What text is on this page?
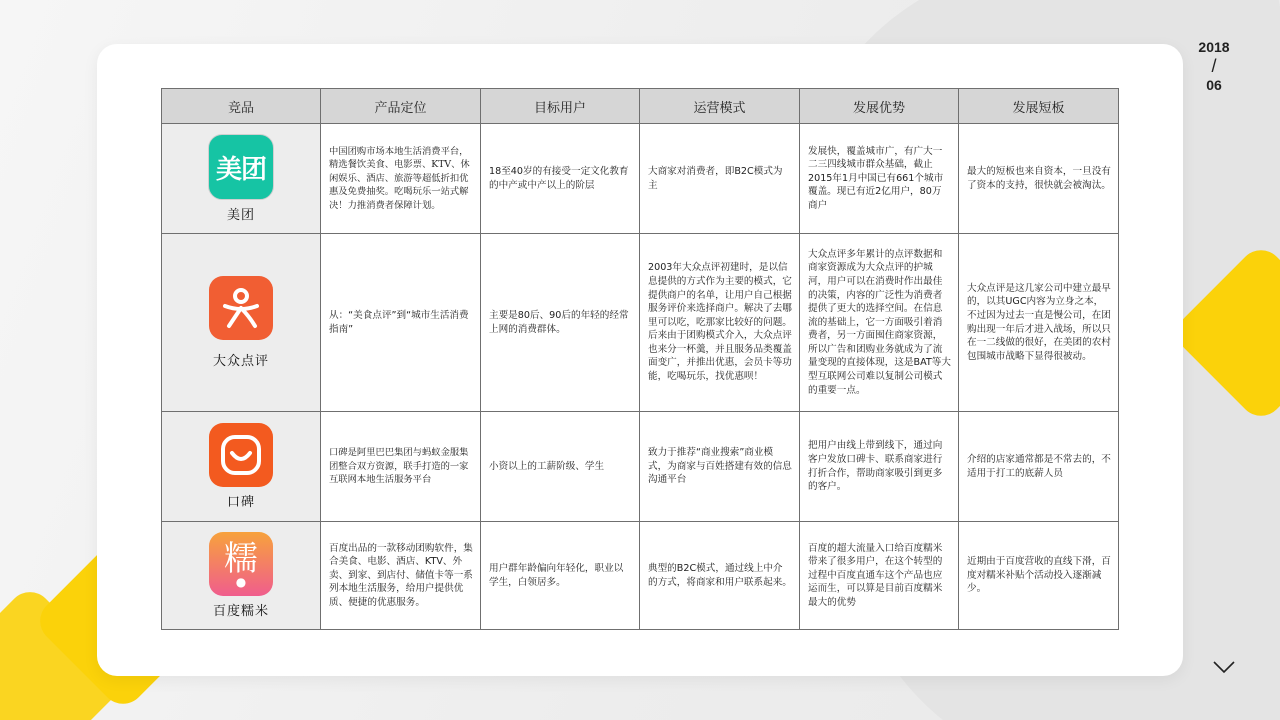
2018
/
06
竞品	产品定位	目标用户	运营模式	发展优势	发展短板

美团
美团	中国团购市场本地生活消费平台，精选餐饮美食、电影票、KTV、休闲娱乐、酒店、旅游等超低折扣优惠及免费抽奖。吃喝玩乐一站式解决！力推消费者保障计划。	18至40岁的有接受一定文化教育的中产或中产以上的阶层	大商家对消费者，即B2C模式为主	发展快，覆盖城市广，有广大一二三四线城市群众基础，截止2015年1月中国已有661个城市覆盖。现已有近2亿用户，80万商户	最大的短板也来自资本，一旦没有了资本的支持，很快就会被淘汰。

大众点评	从：“美食点评”到“城市生活消费指南”	主要是80后、90后的年轻的经常上网的消费群体。	2003年大众点评初建时，是以信息提供的方式作为主要的模式，它提供商户的名单，让用户自己根据服务评价来选择商户。解决了去哪里可以吃，吃那家比较好的问题。后来由于团购模式介入，大众点评也来分一杯羹，并且服务品类覆盖面变广，并推出优惠，会员卡等功能，吃喝玩乐，找优惠呗！	大众点评多年累计的点评数据和商家资源成为大众点评的护城河，用户可以在消费时作出最佳的决策，内容的广泛性为消费者提供了更大的选择空间。在信息流的基础上，它一方面吸引着消费者，另一方面囤住商家资源，所以广告和团购业务就成为了流量变现的直接体现，这是BAT等大型互联网公司难以复制公司模式的重要一点。	大众点评是这几家公司中建立最早的，以其UGC内容为立身之本，不过因为过去一直是慢公司，在团购出现一年后才进入战场，所以只在一二线做的很好，在美团的农村包围城市战略下显得很被动。

口碑	口碑是阿里巴巴集团与蚂蚁金服集团整合双方资源，联手打造的一家互联网本地生活服务平台	小资以上的工薪阶级、学生	致力于推荐“商业搜索”商业模式，为商家与百姓搭建有效的信息沟通平台	把用户由线上带到线下，通过向客户发放口碑卡、联系商家进行打折合作，帮助商家吸引到更多的客户。	介绍的店家通常都是不常去的，不适用于打工的底薪人员

糯
●
百度糯米	百度出品的一款移动团购软件，集合美食、电影、酒店、KTV、外卖、到家、到店付、储值卡等一系列本地生活服务，给用户提供优质、便捷的优惠服务。	用户群年龄偏向年轻化，职业以学生，白领居多。	典型的B2C模式，通过线上中介的方式，将商家和用户联系起来。	百度的超大流量入口给百度糯米带来了很多用户，在这个转型的过程中百度直通车这个产品也应运而生，可以算是目前百度糯米最大的优势	近期由于百度营收的直线下滑，百度对糯米补贴个活动投入逐渐减少。
